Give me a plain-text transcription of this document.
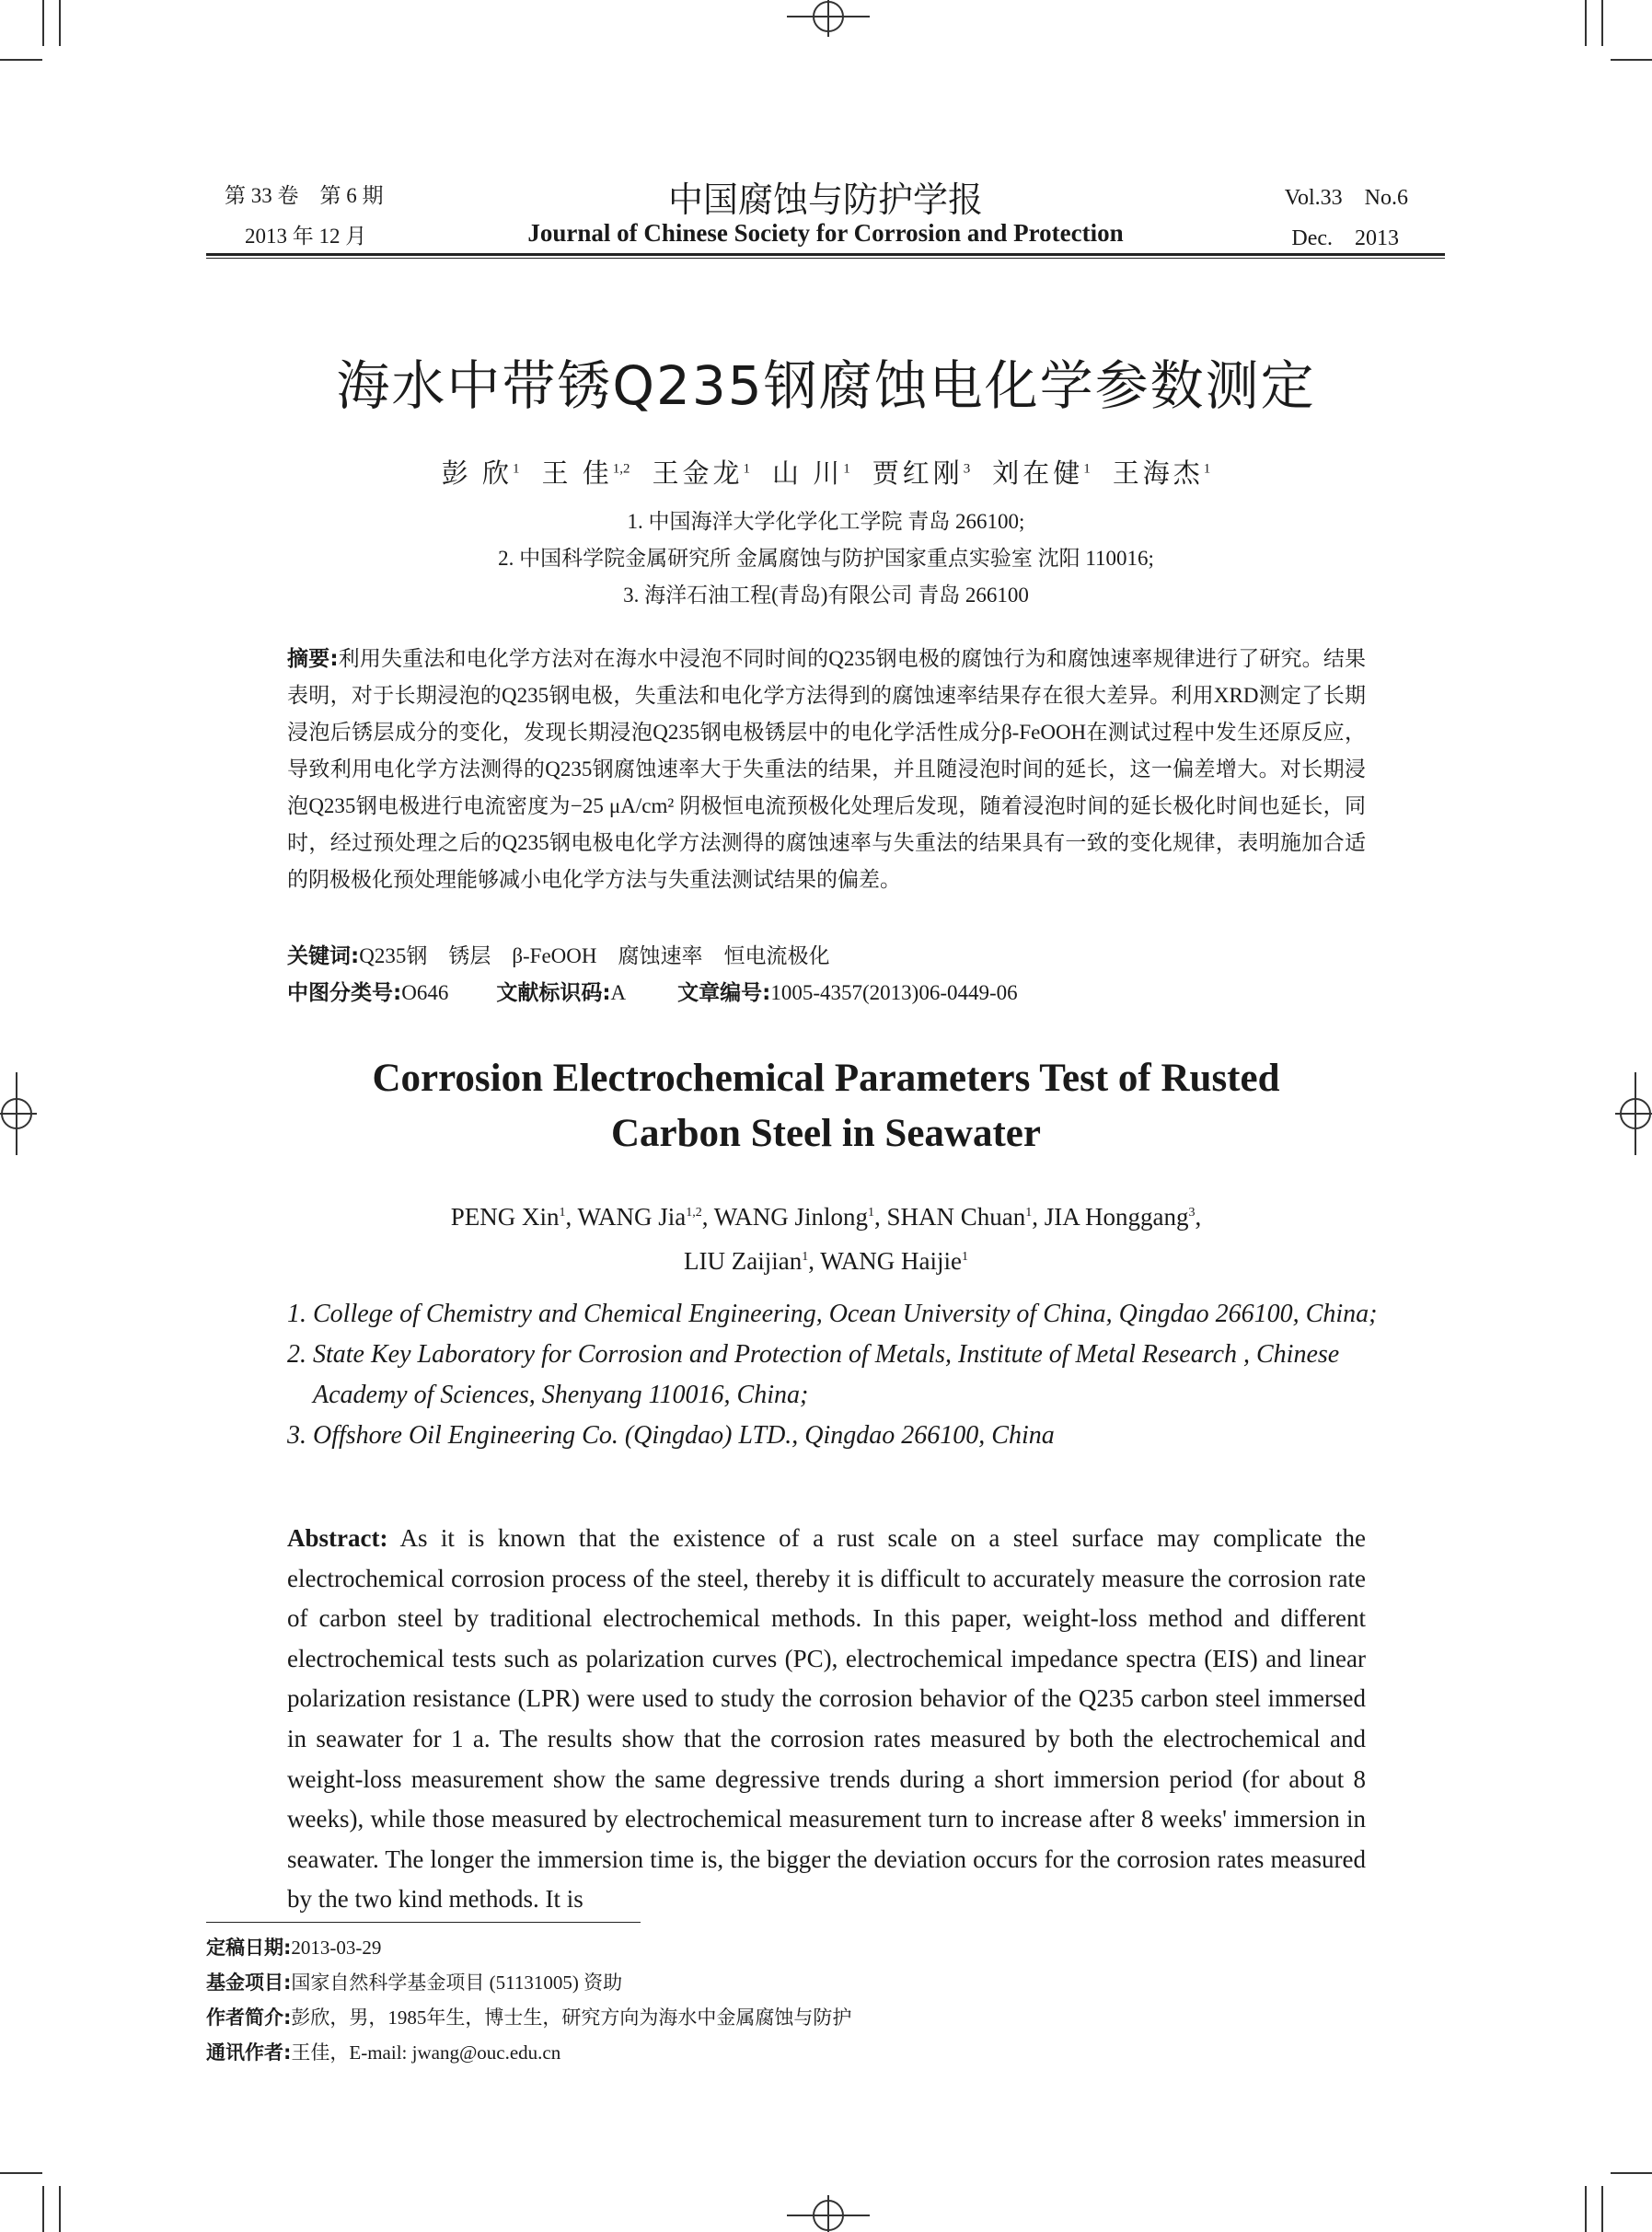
第 33 卷　第 6 期
2013 年 12 月
中国腐蚀与防护学报
Journal of Chinese Society for Corrosion and Protection
Vol.33　No.6
Dec.　2013
海水中带锈Q235钢腐蚀电化学参数测定
彭 欣$^1$ 王 佳$^{1,2}$ 王金龙$^1$ 山 川$^1$ 贾红刚$^3$ 刘在健$^1$ 王海杰$^1$
1. 中国海洋大学化学化工学院 青岛 266100;
2. 中国科学院金属研究所 金属腐蚀与防护国家重点实验室 沈阳 110016;
3. 海洋石油工程(青岛)有限公司 青岛 266100
摘要:利用失重法和电化学方法对在海水中浸泡不同时间的Q235钢电极的腐蚀行为和腐蚀速率规律进行了研究。结果表明，对于长期浸泡的Q235钢电极，失重法和电化学方法得到的腐蚀速率结果存在很大差异。利用XRD测定了长期浸泡后锈层成分的变化，发现长期浸泡Q235钢电极锈层中的电化学活性成分β-FeOOH在测试过程中发生还原反应，导致利用电化学方法测得的Q235钢腐蚀速率大于失重法的结果，并且随浸泡时间的延长，这一偏差增大。对长期浸泡Q235钢电极进行电流密度为−25 μA/cm² 阴极恒电流预极化处理后发现，随着浸泡时间的延长极化时间也延长，同时，经过预处理之后的Q235钢电极电化学方法测得的腐蚀速率与失重法的结果具有一致的变化规律，表明施加合适的阴极极化预处理能够减小电化学方法与失重法测试结果的偏差。
关键词:Q235钢　锈层　β-FeOOH　腐蚀速率　恒电流极化
中图分类号:O646 文献标识码:A 文章编号:1005-4357(2013)06-0449-06
Corrosion Electrochemical Parameters Test of Rusted
Carbon Steel in Seawater
PENG Xin$^1$, WANG Jia$^{1,2}$, WANG Jinlong$^1$, SHAN Chuan$^1$, JIA Honggang$^3$,
LIU Zaijian$^1$, WANG Haijie$^1$
1. College of Chemistry and Chemical Engineering, Ocean University of China, Qingdao 266100, China;
2. State Key Laboratory for Corrosion and Protection of Metals, Institute of Metal Research , Chinese Academy of Sciences, Shenyang 110016, China;
3. Offshore Oil Engineering Co. (Qingdao) LTD., Qingdao 266100, China
Abstract: As it is known that the existence of a rust scale on a steel surface may complicate the electrochemical corrosion process of the steel, thereby it is difficult to accurately measure the corrosion rate of carbon steel by traditional electrochemical methods. In this paper, weight-loss method and different electrochemical tests such as polarization curves (PC), electrochemical impedance spectra (EIS) and linear polarization resistance (LPR) were used to study the corrosion behavior of the Q235 carbon steel immersed in seawater for 1 a. The results show that the corrosion rates measured by both the electrochemical and weight-loss measurement show the same degressive trends during a short immersion period (for about 8 weeks), while those measured by electrochemical measurement turn to increase after 8 weeks' immersion in seawater. The longer the immersion time is, the bigger the deviation occurs for the corrosion rates measured by the two kind methods. It is
定稿日期:2013-03-29
基金项目:国家自然科学基金项目 (51131005) 资助
作者简介:彭欣，男，1985年生，博士生，研究方向为海水中金属腐蚀与防护
通讯作者:王佳，E-mail: jwang@ouc.edu.cn
